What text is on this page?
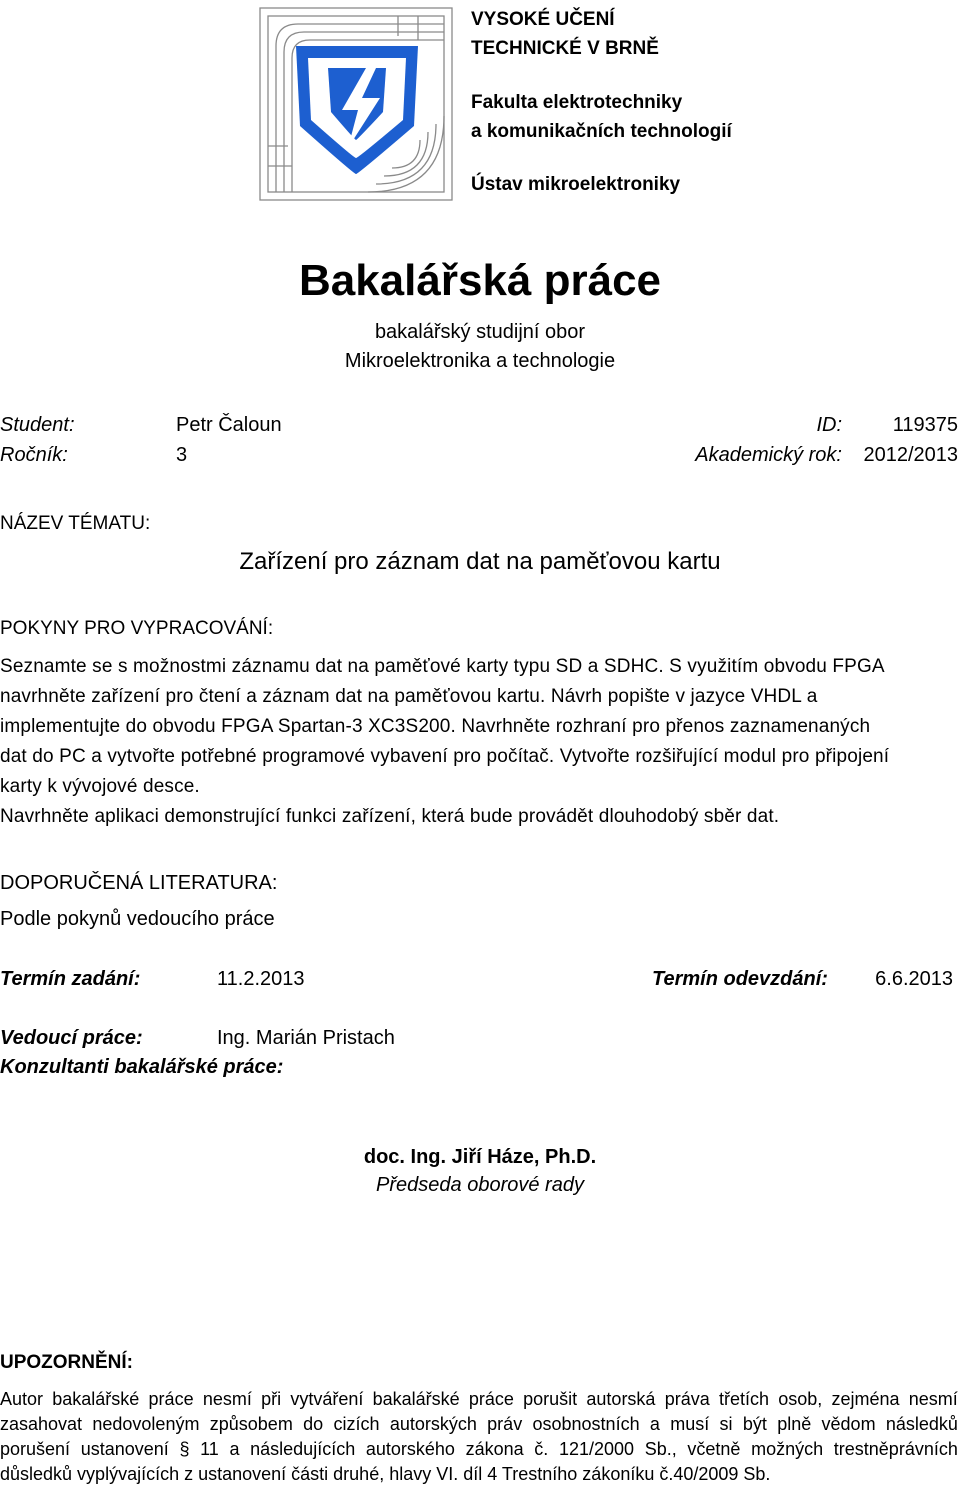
VYSOKÉ UČENÍ
TECHNICKÉ V BRNĚ
Fakulta elektrotechniky
a komunikačních technologií
Ústav mikroelektroniky
Bakalářská práce
bakalářský studijní obor
Mikroelektronika a technologie
Student:	Petr Čaloun	ID:	119375
Ročník:	3	Akademický rok: 2012/2013
NÁZEV TÉMATU:
Zařízení pro záznam dat na paměťovou kartu
POKYNY PRO VYPRACOVÁNÍ:
Seznamte se s možnostmi záznamu dat na paměťové karty typu SD a SDHC. S využitím obvodu FPGA
navrhněte zařízení pro čtení a záznam dat na paměťovou kartu. Návrh popište v jazyce VHDL a
implementujte do obvodu FPGA Spartan-3 XC3S200. Navrhněte rozhraní pro přenos zaznamenaných
dat do PC a vytvořte potřebné programové vybavení pro počítač. Vytvořte rozšiřující modul pro připojení
karty k vývojové desce.
Navrhněte aplikaci demonstrující funkci zařízení, která bude provádět dlouhodobý sběr dat.
DOPORUČENÁ LITERATURA:
Podle pokynů vedoucího práce
Termín zadání:	11.2.2013	Termín odevzdání: 6.6.2013
Vedoucí práce:	Ing. Marián Pristach
Konzultanti bakalářské práce:
doc. Ing. Jiří Háze, Ph.D.
Předseda oborové rady
UPOZORNĚNÍ:
Autor bakalářské práce nesmí při vytváření bakalářské práce porušit autorská práva třetích osob, zejména nesmí
zasahovat nedovoleným způsobem do cizích autorských práv osobnostních a musí si být plně vědom následků
porušení ustanovení § 11 a následujících autorského zákona č. 121/2000 Sb., včetně možných trestněprávních
důsledků vyplývajících z ustanovení části druhé, hlavy VI. díl 4 Trestního zákoníku č.40/2009 Sb.
